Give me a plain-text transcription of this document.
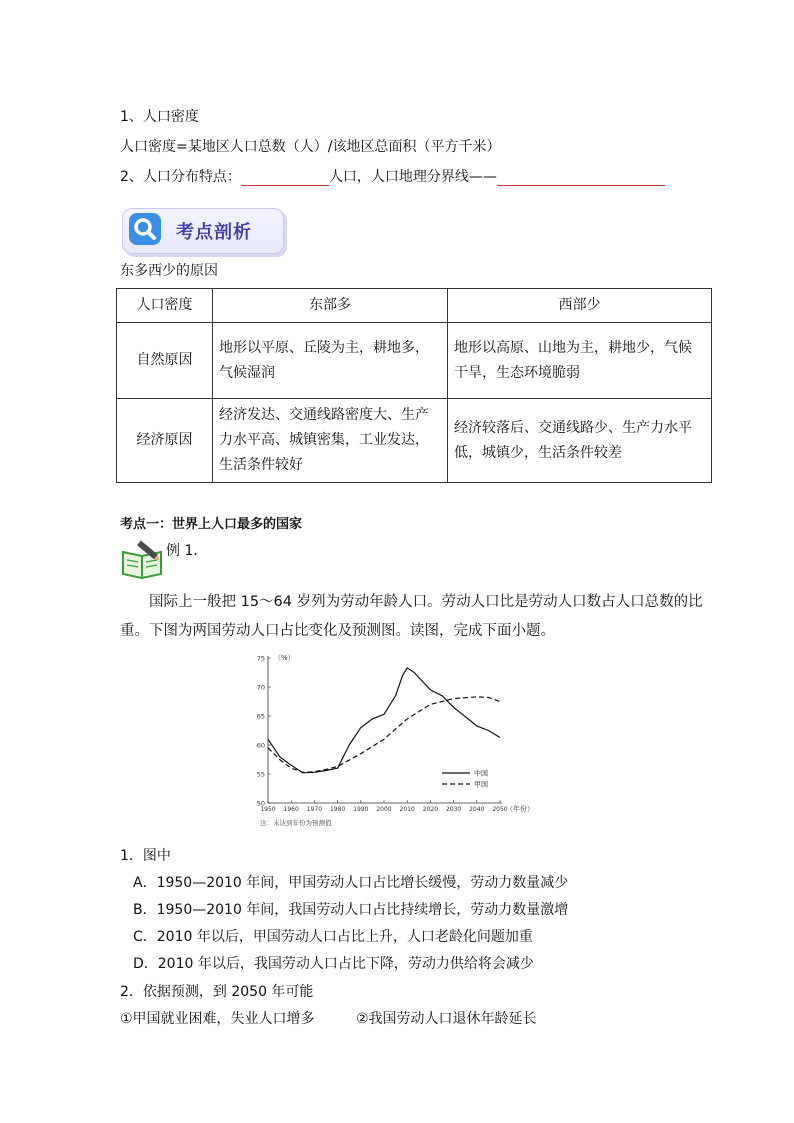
1、人口密度
人口密度=某地区人口总数（人）/该地区总面积（平方千米）
2、人口分布特点：	人口，人口地理分界线——
考点剖析
东多西少的原因
人口密度	东部多	西部少
自然原因	地形以平原、丘陵为主，耕地多，气候湿润	地形以高原、山地为主，耕地少，气候干旱，生态环境脆弱
经济原因	经济发达、交通线路密度大、生产力水平高、城镇密集，工业发达，生活条件较好	经济较落后、交通线路少、生产力水平低，城镇少，生活条件较差
考点一：世界上人口最多的国家
例 1．
国际上一般把 15～64 岁列为劳动年龄人口。劳动人口比是劳动人口数占人口总数的比
重。下图为两国劳动人口占比变化及预测图。读图，完成下面小题。
50
55
60
65
70
75
1950 1960 1970 1980 1990 2000 2010 2020 2030 2040 2050
中国
甲国
（%）
（年份）
注：未达到年份为预测值
1．图中
A．1950—2010 年间，甲国劳动人口占比增长缓慢，劳动力数量减少
B．1950—2010 年间，我国劳动人口占比持续增长，劳动力数量激增
C．2010 年以后，甲国劳动人口占比上升，人口老龄化问题加重
D．2010 年以后，我国劳动人口占比下降，劳动力供给将会减少
2．依据预测，到 2050 年可能
①甲国就业困难，失业人口增多	②我国劳动人口退休年龄延长
